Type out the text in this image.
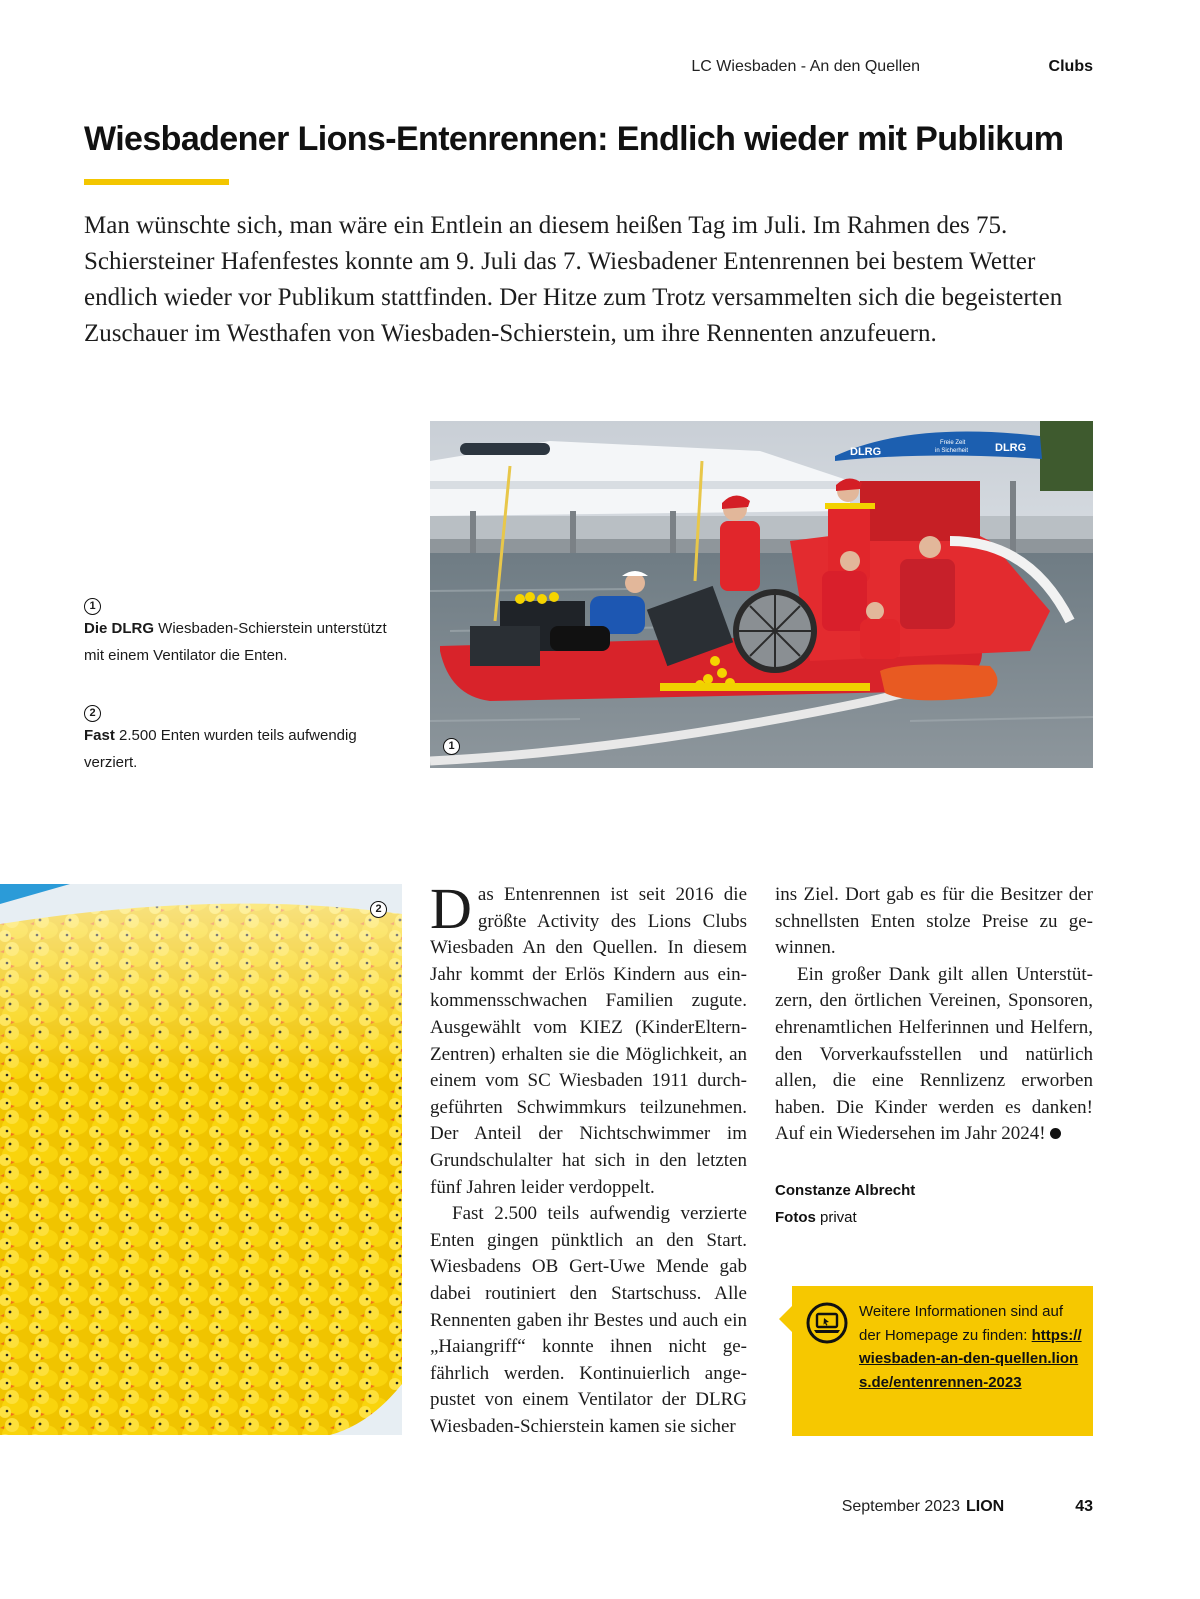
LC Wiesbaden - An den Quellen	Clubs
Wiesbadener Lions-Entenrennen: Endlich wieder mit Publikum

Man wünschte sich, man wäre ein Entlein an diesem heißen Tag im Juli. Im Rahmen des 75. Schiersteiner Hafenfestes konnte am 9. Juli das 7. Wiesbadener Entenrennen bei bestem Wetter endlich wieder vor Publikum stattfinden. Der Hitze zum Trotz versammelten sich die begeisterten Zuschauer im Westhafen von Wiesbaden-Schierstein, um ihre Rennenten anzufeuern.

1
Die DLRG Wiesbaden-Schierstein unterstützt mit einem Ventilator die Enten.
2
Fast 2.500 Enten wurden teils aufwendig verziert.
DLRG
Freie Zeit
in Sicherheit DLRG
1
2 Das Entenrennen ist seit 2016 die größte Activity des Lions Clubs Wiesbaden An den Quellen. In diesem Jahr kommt der Erlös Kindern aus einkommensschwachen Familien zugute. Ausgewählt vom KIEZ (KinderElternZentren) erhalten sie die Möglichkeit, an einem vom SC Wiesbaden 1911 durchgeführten Schwimmkurs teilzunehmen. Der Anteil der Nichtschwimmer im Grundschulalter hat sich in den letzten fünf Jahren leider verdoppelt.

Fast 2.500 teils aufwendig verzierte Enten gingen pünktlich an den Start. Wiesbadens OB Gert-Uwe Mende gab dabei routiniert den Startschuss. Alle Rennenten gaben ihr Bestes und auch ein „Haiangriff“ konnte ihnen nicht gefährlich werden. Kontinuierlich angepustet von einem Ventilator der DLRG Wiesbaden-Schierstein kamen sie sicher

ins Ziel. Dort gab es für die Besitzer der schnellsten Enten stolze Preise zu gewinnen.

Ein großer Dank gilt allen Unterstützern, den örtlichen Vereinen, Sponsoren, ehrenamtlichen Helferinnen und Helfern, den Vorverkaufsstellen und natürlich allen, die eine Rennlizenz erworben haben. Die Kinder werden es danken! Auf ein Wiedersehen im Jahr 2024!

Constanze Albrecht
Fotos privat
Weitere Informationen sind auf der Homepage zu finden: https://wiesbaden-an-den-quellen.lions.de/entenrennen-2023
September 2023 LION	43
